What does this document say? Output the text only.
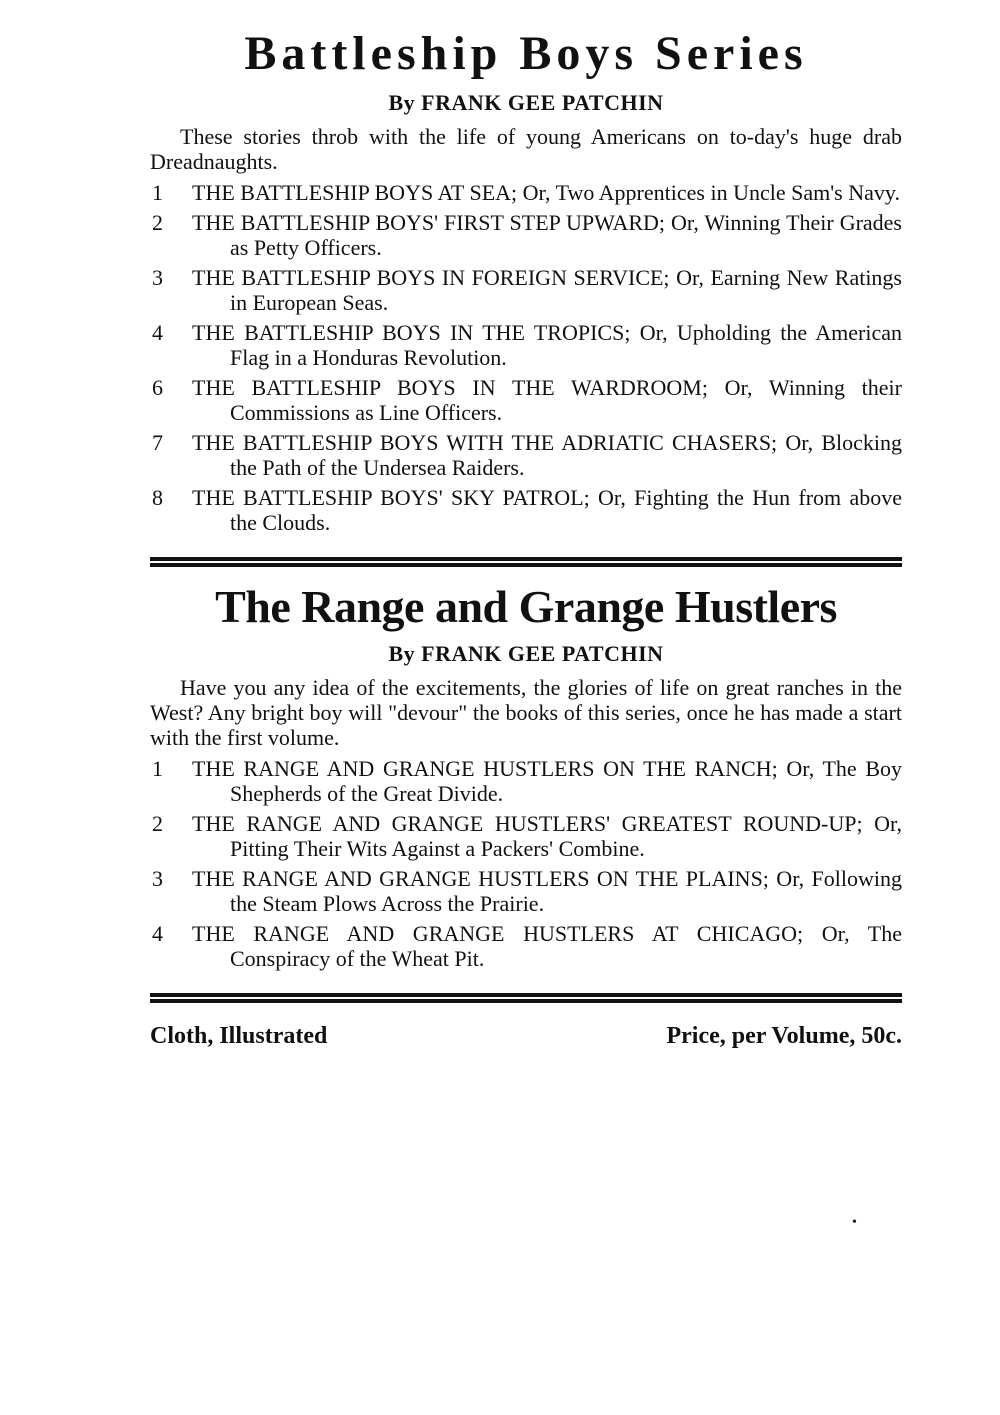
Battleship Boys Series
By FRANK GEE PATCHIN

These stories throb with the life of young Americans on to-day's huge drab Dreadnaughts.

1	THE BATTLESHIP BOYS AT SEA; Or, Two Apprentices in Uncle Sam's Navy.
2	THE BATTLESHIP BOYS' FIRST STEP UPWARD; Or, Winning Their Grades as Petty Officers.
3	THE BATTLESHIP BOYS IN FOREIGN SERVICE; Or, Earning New Ratings in European Seas.
4	THE BATTLESHIP BOYS IN THE TROPICS; Or, Upholding the American Flag in a Honduras Revolution.
6	THE BATTLESHIP BOYS IN THE WARDROOM; Or, Winning their Commissions as Line Officers.
7	THE BATTLESHIP BOYS WITH THE ADRIATIC CHASERS; Or, Blocking the Path of the Undersea Raiders.
8	THE BATTLESHIP BOYS' SKY PATROL; Or, Fighting the Hun from above the Clouds.
The Range and Grange Hustlers
By FRANK GEE PATCHIN

Have you any idea of the excitements, the glories of life on great ranches in the West? Any bright boy will "devour" the books of this series, once he has made a start with the first volume.

1	THE RANGE AND GRANGE HUSTLERS ON THE RANCH; Or, The Boy Shepherds of the Great Divide.
2	THE RANGE AND GRANGE HUSTLERS' GREATEST ROUND-UP; Or, Pitting Their Wits Against a Packers' Combine.
3	THE RANGE AND GRANGE HUSTLERS ON THE PLAINS; Or, Following the Steam Plows Across the Prairie.
4	THE RANGE AND GRANGE HUSTLERS AT CHICAGO; Or, The Conspiracy of the Wheat Pit.
Cloth, Illustrated	Price, per Volume, 50c.
•
